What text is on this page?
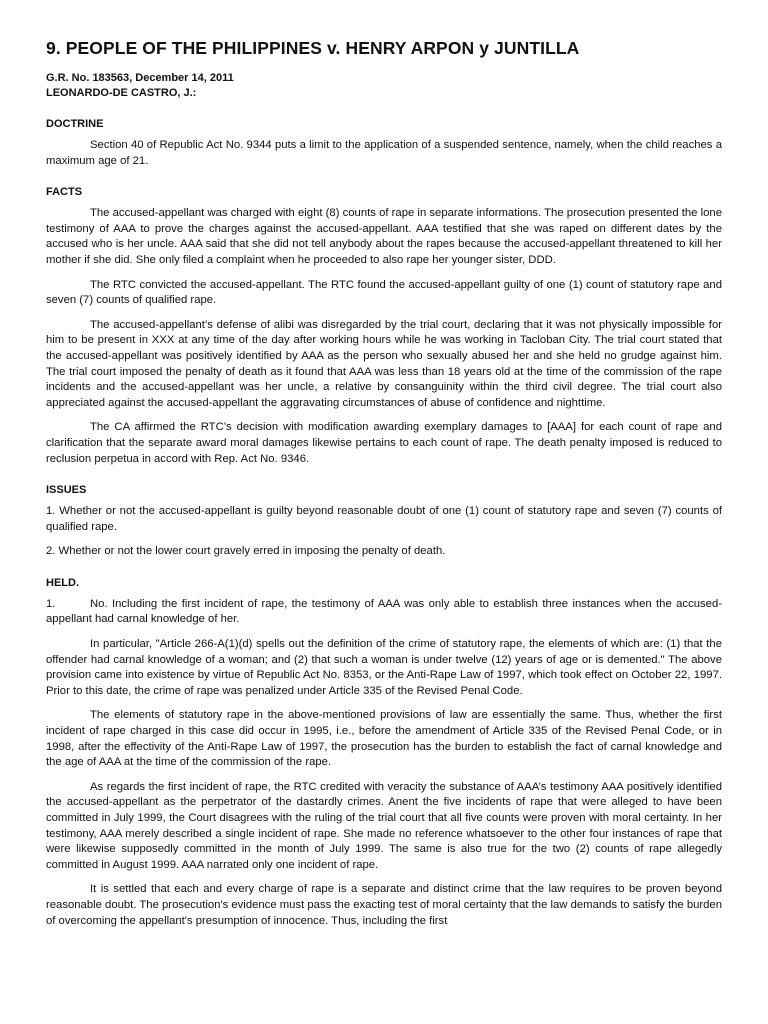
9. PEOPLE OF THE PHILIPPINES v. HENRY ARPON y JUNTILLA
G.R. No. 183563, December 14, 2011
LEONARDO-DE CASTRO, J.:
DOCTRINE

Section 40 of Republic Act No. 9344 puts a limit to the application of a suspended sentence, namely, when the child reaches a maximum age of 21.

FACTS

The accused-appellant was charged with eight (8) counts of rape in separate informations. The prosecution presented the lone testimony of AAA to prove the charges against the accused-appellant. AAA testified that she was raped on different dates by the accused who is her uncle. AAA said that she did not tell anybody about the rapes because the accused-appellant threatened to kill her mother if she did. She only filed a complaint when he proceeded to also rape her younger sister, DDD.

The RTC convicted the accused-appellant. The RTC found the accused-appellant guilty of one (1) count of statutory rape and seven (7) counts of qualified rape.

The accused-appellant’s defense of alibi was disregarded by the trial court, declaring that it was not physically impossible for him to be present in XXX at any time of the day after working hours while he was working in Tacloban City. The trial court stated that the accused-appellant was positively identified by AAA as the person who sexually abused her and she held no grudge against him. The trial court imposed the penalty of death as it found that AAA was less than 18 years old at the time of the commission of the rape incidents and the accused-appellant was her uncle, a relative by consanguinity within the third civil degree. The trial court also appreciated against the accused-appellant the aggravating circumstances of abuse of confidence and nighttime.

The CA affirmed the RTC’s decision with modification awarding exemplary damages to [AAA] for each count of rape and clarification that the separate award moral damages likewise pertains to each count of rape. The death penalty imposed is reduced to reclusion perpetua in accord with Rep. Act No. 9346.

ISSUES

1. Whether or not the accused-appellant is guilty beyond reasonable doubt of one (1) count of statutory rape and seven (7) counts of qualified rape.

2. Whether or not the lower court gravely erred in imposing the penalty of death.

HELD.

1.	No. Including the first incident of rape, the testimony of AAA was only able to establish three instances when the accused-appellant had carnal knowledge of her.

In particular, "Article 266-A(1)(d) spells out the definition of the crime of statutory rape, the elements of which are: (1) that the offender had carnal knowledge of a woman; and (2) that such a woman is under twelve (12) years of age or is demented." The above provision came into existence by virtue of Republic Act No. 8353, or the Anti-Rape Law of 1997, which took effect on October 22, 1997. Prior to this date, the crime of rape was penalized under Article 335 of the Revised Penal Code.

The elements of statutory rape in the above-mentioned provisions of law are essentially the same. Thus, whether the first incident of rape charged in this case did occur in 1995, i.e., before the amendment of Article 335 of the Revised Penal Code, or in 1998, after the effectivity of the Anti-Rape Law of 1997, the prosecution has the burden to establish the fact of carnal knowledge and the age of AAA at the time of the commission of the rape.

As regards the first incident of rape, the RTC credited with veracity the substance of AAA’s testimony AAA positively identified the accused-appellant as the perpetrator of the dastardly crimes. Anent the five incidents of rape that were alleged to have been committed in July 1999, the Court disagrees with the ruling of the trial court that all five counts were proven with moral certainty. In her testimony, AAA merely described a single incident of rape. She made no reference whatsoever to the other four instances of rape that were likewise supposedly committed in the month of July 1999. The same is also true for the two (2) counts of rape allegedly committed in August 1999. AAA narrated only one incident of rape.

It is settled that each and every charge of rape is a separate and distinct crime that the law requires to be proven beyond reasonable doubt. The prosecution's evidence must pass the exacting test of moral certainty that the law demands to satisfy the burden of overcoming the appellant's presumption of innocence. Thus, including the first
